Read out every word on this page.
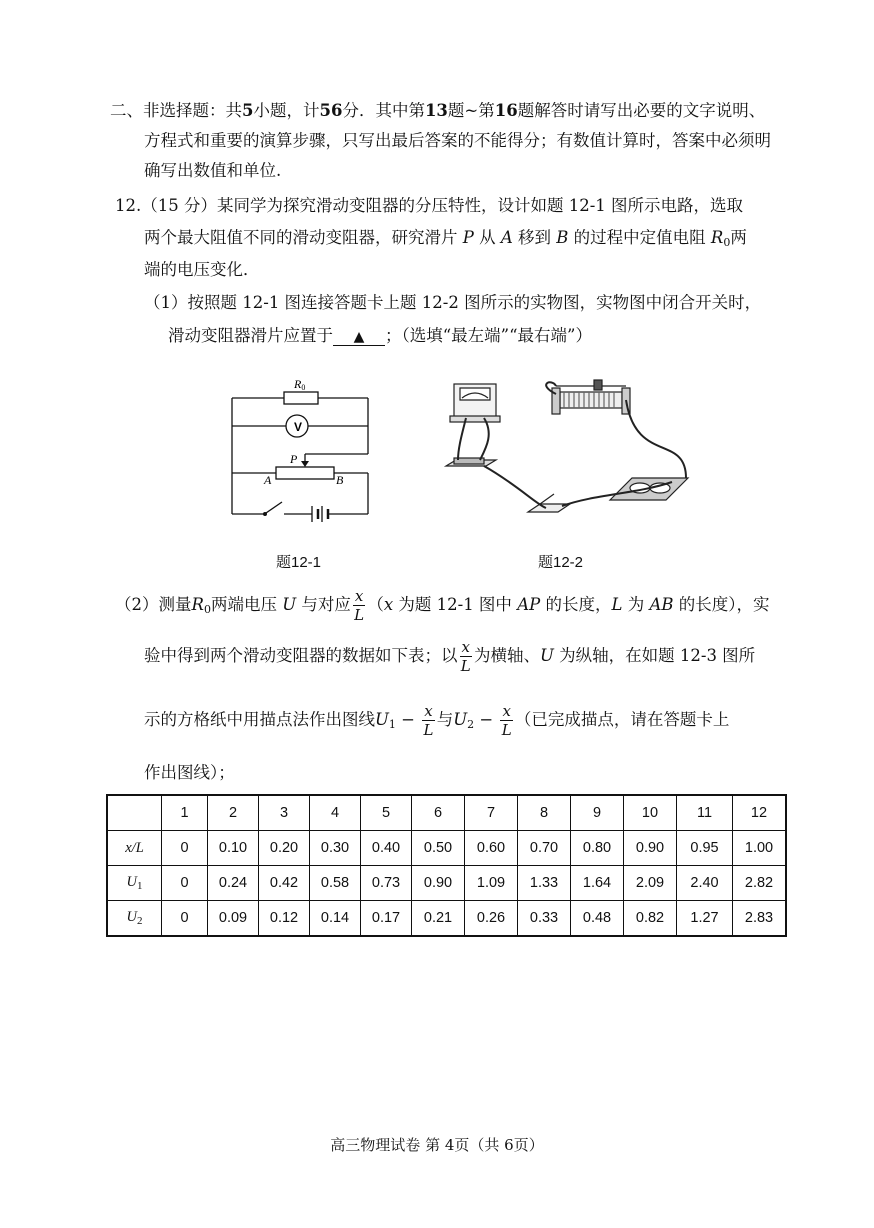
二、非选择题：共5小题，计56分．其中第13题~第16题解答时请写出必要的文字说明、
方程式和重要的演算步骤，只写出最后答案的不能得分；有数值计算时，答案中必须明
确写出数值和单位.
12.（15 分）某同学为探究滑动变阻器的分压特性，设计如题 12-1 图所示电路，选取
两个最大阻值不同的滑动变阻器，研究滑片 P 从 A 移到 B 的过程中定值电阻 $R_0$两
端的电压变化．
（1）按照题 12-1 图连接答题卡上题 12-2 图所示的实物图，实物图中闭合开关时，
滑动变阻器滑片应置于 ▲ ；（选填“最左端”“最右端”）
V
R0
P
A	B
题12-1	题12-2
（2）测量$R_0$两端电压 U 与对应 $\frac{x}{L} (x$ 为题 12-1 图中 AP 的长度，L 为 AB 的长度），实
验中得到两个滑动变阻器的数据如下表；以 $\frac{x}{L}$ 为横轴、U 为纵轴，在如题 12-3 图所
示的方格纸中用描点法作出图线$U_1 - \frac{x}{L}$ 与$U_2 - \frac{x}{L}$ （已完成描点，请在答题卡上
作出图线）；
	1	2	3	4	5	6	7	8	9	10	11	12
x/L	0	0.10	0.20	0.30	0.40	0.50	0.60	0.70	0.80	0.90	0.95	1.00
$U_1$	0	0.24	0.42	0.58	0.73	0.90	1.09	1.33	1.64	2.09	2.40	2.82
$U_2$	0	0.09	0.12	0.14	0.17	0.21	0.26	0.33	0.48	0.82	1.27	2.83
高三物理试卷 第 4页（共 6页）
